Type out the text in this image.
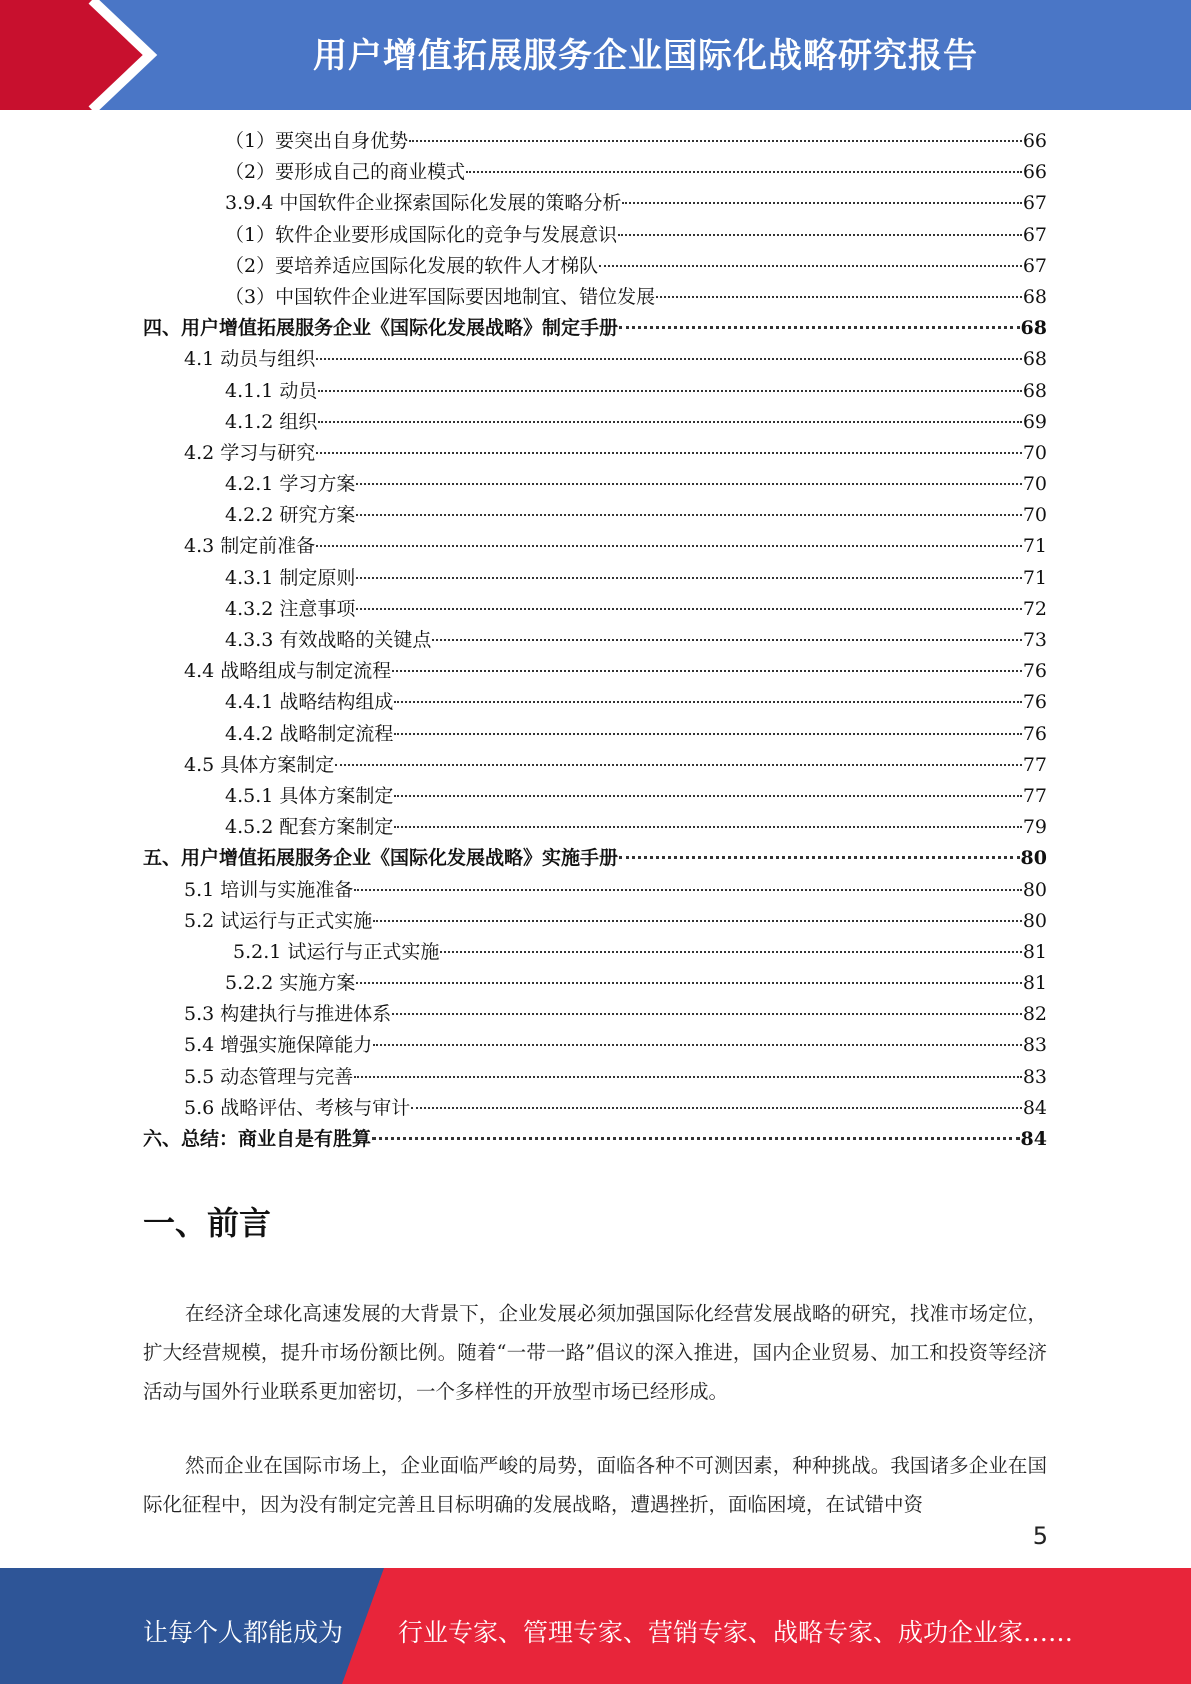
用户增值拓展服务企业国际化战略研究报告
（1）要突出自身优势	66
（2）要形成自己的商业模式	66
3.9.4 中国软件企业探索国际化发展的策略分析	67
（1）软件企业要形成国际化的竞争与发展意识	67
（2）要培养适应国际化发展的软件人才梯队	67
（3）中国软件企业进军国际要因地制宜、错位发展	68
四、用户增值拓展服务企业《国际化发展战略》制定手册	68
4.1 动员与组织	68
4.1.1 动员	68
4.1.2 组织	69
4.2 学习与研究	70
4.2.1 学习方案	70
4.2.2 研究方案	70
4.3 制定前准备	71
4.3.1 制定原则	71
4.3.2 注意事项	72
4.3.3 有效战略的关键点	73
4.4 战略组成与制定流程	76
4.4.1 战略结构组成	76
4.4.2 战略制定流程	76
4.5 具体方案制定	77
4.5.1 具体方案制定	77
4.5.2 配套方案制定	79
五、用户增值拓展服务企业《国际化发展战略》实施手册	80
5.1 培训与实施准备	80
5.2 试运行与正式实施	80
5.2.1 试运行与正式实施	81
5.2.2 实施方案	81
5.3 构建执行与推进体系	82
5.4 增强实施保障能力	83
5.5 动态管理与完善	83
5.6 战略评估、考核与审计	84
六、总结：商业自是有胜算	84
一、前言
在经济全球化高速发展的大背景下，企业发展必须加强国际化经营发展战略的研究，找准市场定位，扩大经营规模，提升市场份额比例。随着“一带一路”倡议的深入推进，国内企业贸易、加工和投资等经济活动与国外行业联系更加密切，一个多样性的开放型市场已经形成。
然而企业在国际市场上，企业面临严峻的局势，面临各种不可测因素，种种挑战。我国诸多企业在国际化征程中，因为没有制定完善且目标明确的发展战略，遭遇挫折，面临困境，在试错中资
5
让每个人都能成为 行业专家、管理专家、营销专家、战略专家、成功企业家……
